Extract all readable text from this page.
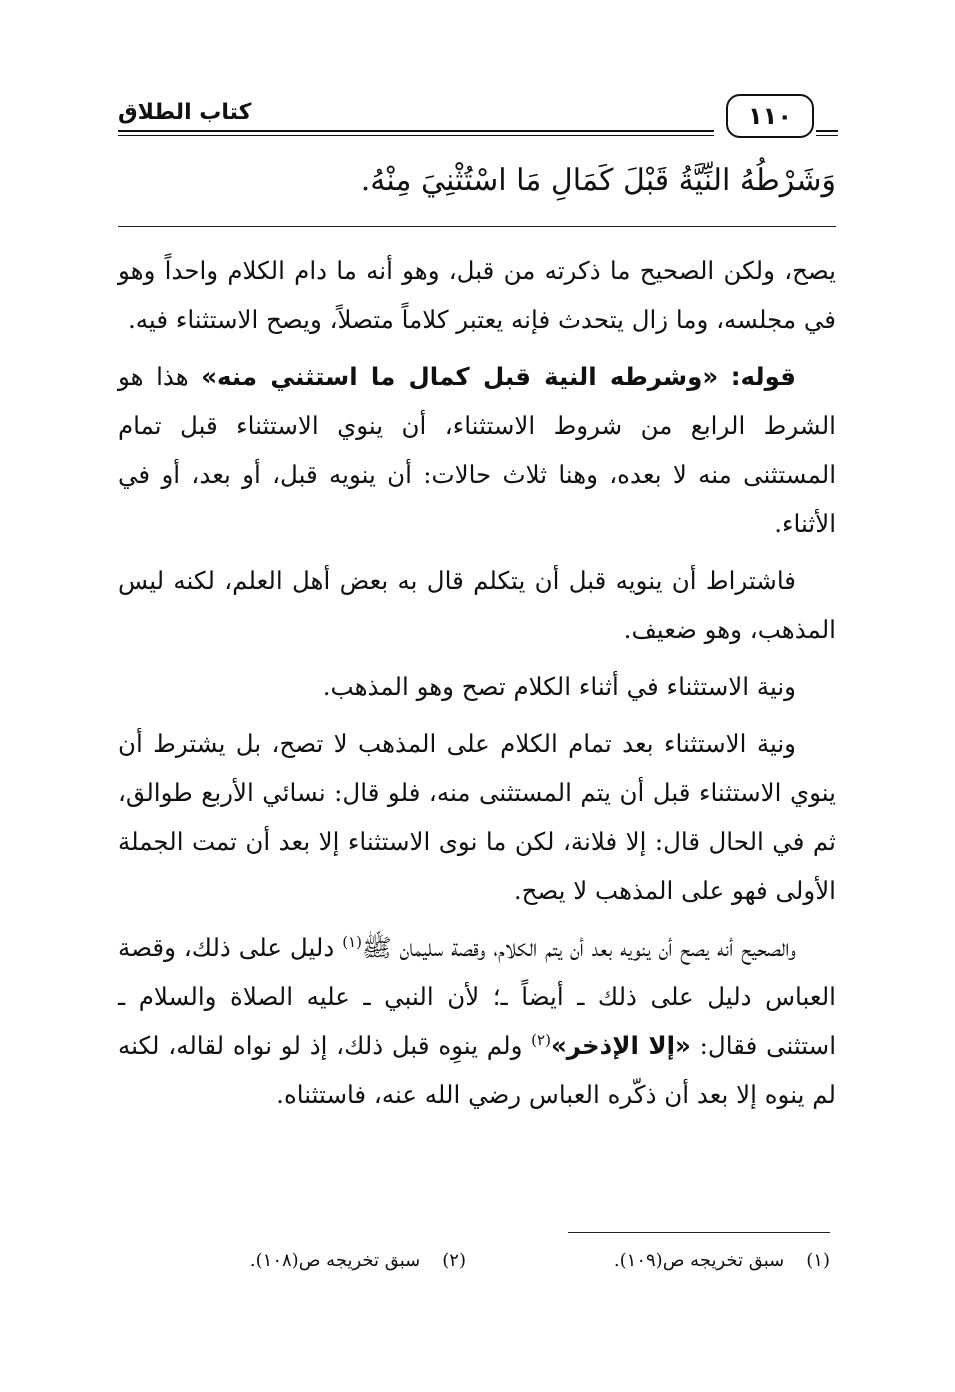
كتاب الطلاق	١١٠
وَشَرْطُهُ النِّيَّةُ قَبْلَ كَمَالِ مَا اسْتُثْنِيَ مِنْهُ.

يصح، ولكن الصحيح ما ذكرته من قبل، وهو أنه ما دام الكلام واحداً وهو في مجلسه، وما زال يتحدث فإنه يعتبر كلاماً متصلاً، ويصح الاستثناء فيه.

قوله: «وشرطه النية قبل كمال ما استثني منه» هذا هو الشرط الرابع من شروط الاستثناء، أن ينوي الاستثناء قبل تمام المستثنى منه لا بعده، وهنا ثلاث حالات: أن ينويه قبل، أو بعد، أو في الأثناء.

فاشتراط أن ينويه قبل أن يتكلم قال به بعض أهل العلم، لكنه ليس المذهب، وهو ضعيف.

ونية الاستثناء في أثناء الكلام تصح وهو المذهب.

ونية الاستثناء بعد تمام الكلام على المذهب لا تصح، بل يشترط أن ينوي الاستثناء قبل أن يتم المستثنى منه، فلو قال: نسائي الأربع طوالق، ثم في الحال قال: إلا فلانة، لكن ما نوى الاستثناء إلا بعد أن تمت الجملة الأولى فهو على المذهب لا يصح.

والصحيح أنه يصح أن ينويه بعد أن يتم الكلام، وقصة سليمان ﷺ$^{(١)}$ دليل على ذلك، وقصة العباس دليل على ذلك ـ أيضاً ـ؛ لأن النبي ـ عليه الصلاة والسلام ـ استثنى فقال: «إلا الإذخر»$^{(٢)}$ ولم ينوِه قبل ذلك، إذ لو نواه لقاله، لكنه لم ينوه إلا بعد أن ذكّره العباس رضي الله عنه، فاستثناه.

(١)سبق تخريجه ص(١٠٩).
(٢)سبق تخريجه ص(١٠٨).
